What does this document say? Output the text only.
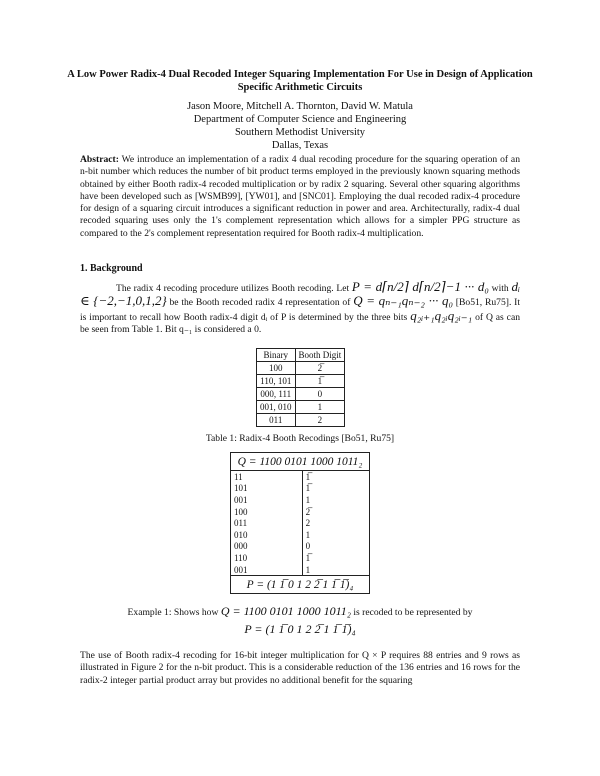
A Low Power Radix-4 Dual Recoded Integer Squaring Implementation For Use in Design of Application Specific Arithmetic Circuits
Jason Moore, Mitchell A. Thornton, David W. Matula
Department of Computer Science and Engineering
Southern Methodist University
Dallas, Texas
Abstract: We introduce an implementation of a radix 4 dual recoding procedure for the squaring operation of an n-bit number which reduces the number of bit product terms employed in the previously known squaring methods obtained by either Booth radix-4 recoded multiplication or by radix 2 squaring. Several other squaring algorithms have been developed such as [WSMB99], [YW01], and [SNC01]. Employing the dual recoded radix-4 procedure for design of a squaring circuit introduces a significant reduction in power and area. Architecturally, radix-4 dual recoded squaring uses only the 1's complement representation which allows for a simpler PPG structure as compared to the 2's complement representation required for Booth radix-4 multiplication.
1. Background
The radix 4 recoding procedure utilizes Booth recoding. Let P = d⌈n/2⌉ d⌈n/2⌉−1 ··· d₀ with dᵢ ∈ {−2,−1,0,1,2} be the Booth recoded radix 4 representation of Q = qₙ₋₁qₙ₋₂ ··· q₀ [Bo51, Ru75]. It is important to recall how Booth radix-4 digit dᵢ of P is determined by the three bits q₂ᵢ₊₁q₂ᵢq₂ᵢ₋₁ of Q as can be seen from Table 1. Bit q₋₁ is considered a 0.
Binary	Booth Digit
100	2̅
110, 101	1̅
000, 111	0
001, 010	1
011	2
Table 1: Radix-4 Booth Recodings [Bo51, Ru75]
Q = 1100 0101 1000 1011₂	
11	1̅
101	1̅
001	1
100	2̅
011	2
010	1
000	0
110	1̅
001	1
P = (1 1̅ 0 1 2 2̅ 1 1̅ 1̅)₄	
Example 1: Shows how Q = 1100 0101 1000 1011₂ is recoded to be represented by
P = (1 1̅ 0 1 2 2̅ 1 1̅ 1̅)₄
The use of Booth radix-4 recoding for 16-bit integer multiplication for Q × P requires 88 entries and 9 rows as illustrated in Figure 2 for the n-bit product. This is a considerable reduction of the 136 entries and 16 rows for the radix-2 integer partial product array but provides no additional benefit for the squaring
